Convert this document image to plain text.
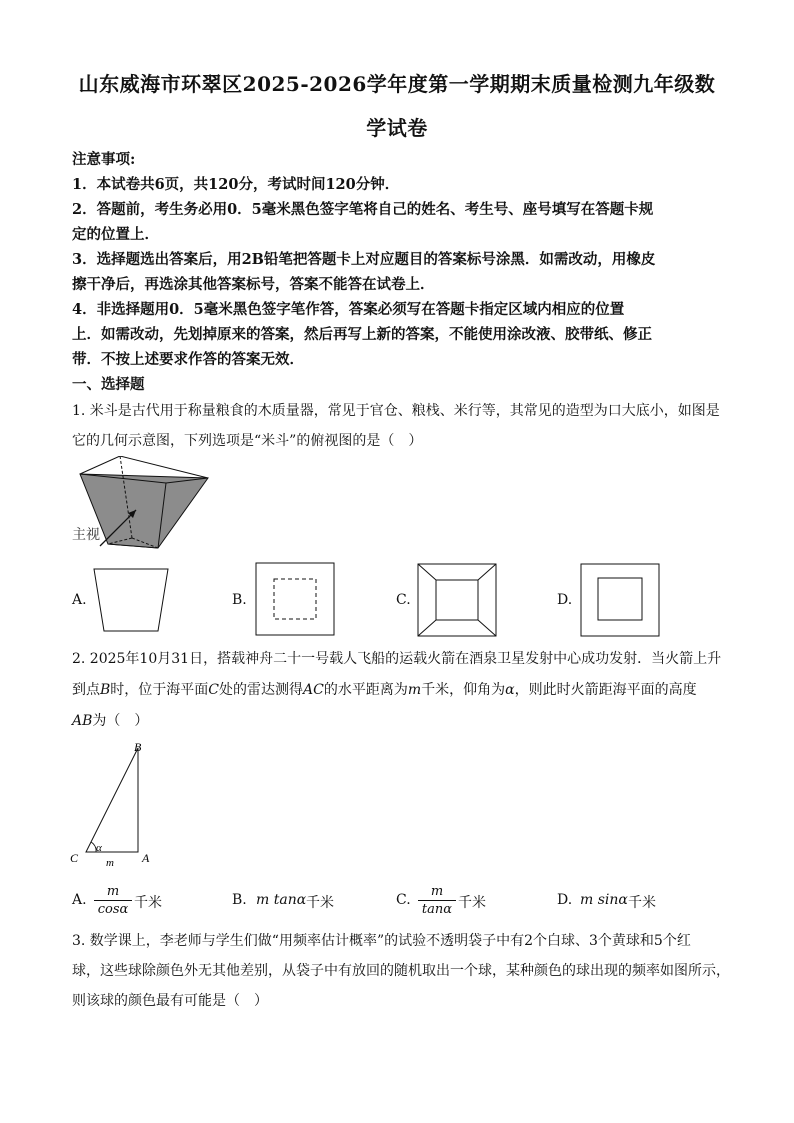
山东威海市环翠区2025-2026学年度第一学期期末质量检测九年级数
学试卷
注意事项:
1．本试卷共6页，共120分，考试时间120分钟．
2．答题前，考生务必用0．5毫米黑色签字笔将自己的姓名、考生号、座号填写在答题卡规
定的位置上．
3．选择题选出答案后，用2B铅笔把答题卡上对应题目的答案标号涂黑．如需改动，用橡皮
擦干净后，再选涂其他答案标号，答案不能答在试卷上．
4．非选择题用0．5毫米黑色签字笔作答，答案必须写在答题卡指定区域内相应的位置
上．如需改动，先划掉原来的答案，然后再写上新的答案，不能使用涂改液、胶带纸、修正
带．不按上述要求作答的答案无效．
一、选择题
1. 米斗是古代用于称量粮食的木质量器，常见于官仓、粮栈、米行等，其常见的造型为口大底小，如图是
它的几何示意图，下列选项是“米斗”的俯视图的是（　）
主视
A.	B.	C.	D.
2. 2025年10月31日，搭载神舟二十一号载人飞船的运载火箭在酒泉卫星发射中心成功发射．当火箭上升
到点B时，位于海平面C处的雷达测得AC的水平距离为m千米，仰角为α，则此时火箭距海平面的高度
AB为（　）
B
C	A
α
m
A.
m
cosα 千米	B. m tanα 千米	C.
m
tanα 千米	D. m sinα 千米
3. 数学课上，李老师与学生们做“用频率估计概率”的试验不透明袋子中有2个白球、3个黄球和5个红
球，这些球除颜色外无其他差别，从袋子中有放回的随机取出一个球，某种颜色的球出现的频率如图所示，
则该球的颜色最有可能是（　）
